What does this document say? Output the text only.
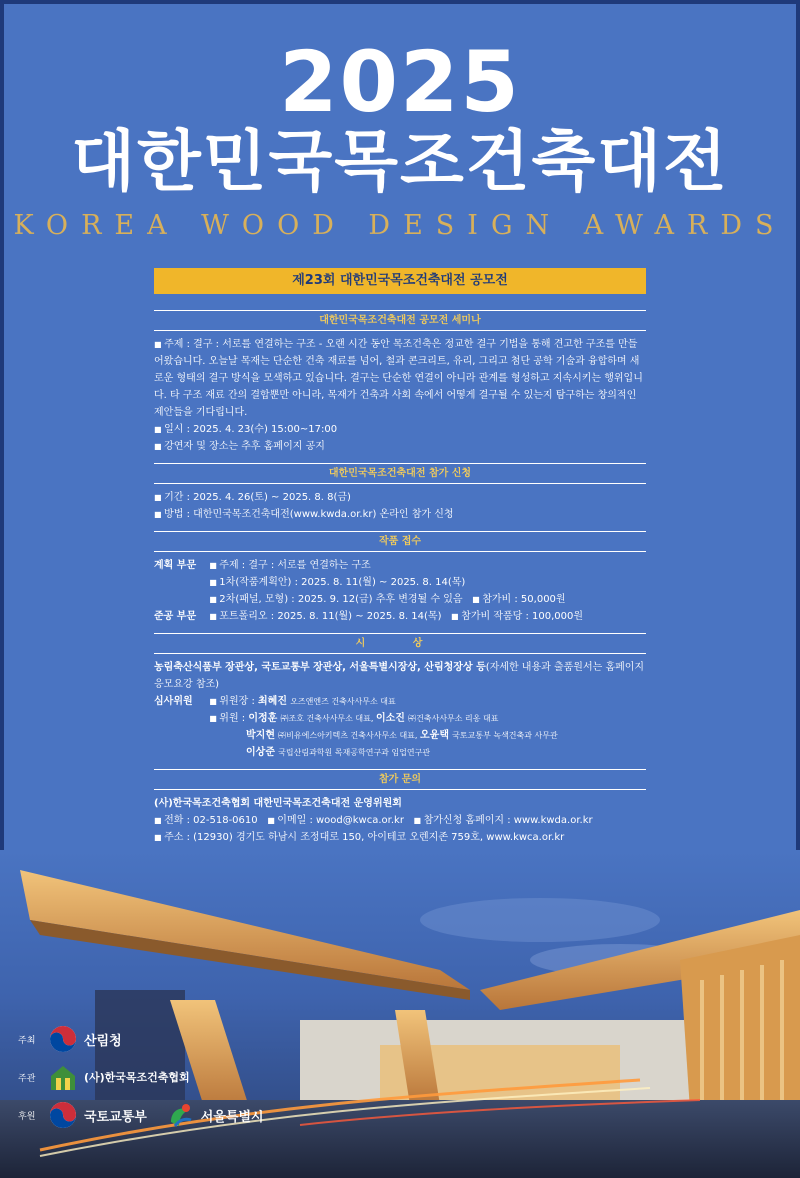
2025
대한민국목조건축대전
KOREA WOOD DESIGN AWARDS
제23회 대한민국목조건축대전 공모전
대한민국목조건축대전 공모전 세미나
■ 주제 : 결구 : 서로를 연결하는 구조 - 오랜 시간 동안 목조건축은 정교한 결구 기법을 통해 견고한 구조를 만들어왔습니다. 오늘날 목재는 단순한 건축 재료를 넘어, 철과 콘크리트, 유리, 그리고 첨단 공학 기술과 융합하며 새로운 형태의 결구 방식을 모색하고 있습니다. 결구는 단순한 연결이 아니라 관계를 형성하고 지속시키는 행위입니다. 타 구조 재료 간의 결합뿐만 아니라, 목재가 건축과 사회 속에서 어떻게 결구될 수 있는지 탐구하는 창의적인 제안들을 기다립니다.
■ 일시 : 2025. 4. 23(수) 15:00~17:00
■ 강연자 및 장소는 추후 홈페이지 공지
대한민국목조건축대전 참가 신청
■ 기간 : 2025. 4. 26(토) ~ 2025. 8. 8(금)
■ 방법 : 대한민국목조건축대전(www.kwda.or.kr) 온라인 참가 신청
작품 접수
계획 부문 ■ 주제 : 결구 : 서로를 연결하는 구조
■ 1차(작품계획안) : 2025. 8. 11(월) ~ 2025. 8. 14(목)
■ 2차(패널, 모형) : 2025. 9. 12(금) 추후 변경될 수 있음 ■ 참가비 : 50,000원
준공 부문 ■ 포트폴리오 : 2025. 8. 11(월) ~ 2025. 8. 14(목) ■ 참가비 작품당 : 100,000원
시 상
농림축산식품부 장관상, 국토교통부 장관상, 서울특별시장상, 산림청장상 등(자세한 내용과 출품원서는 홈페이지 응모요강 참조)
심사위원	■ 위원장 : 최혜진 오즈앤엔즈 건축사사무소 대표
■ 위원 : 이정훈 ㈜조호 건축사사무소 대표, 이소진 ㈜건축사사무소 리옹 대표
박지현 ㈜비유에스아키텍츠 건축사사무소 대표, 오윤택 국토교통부 녹색건축과 사무관
이상준 국립산림과학원 목재공학연구과 임업연구관
참가 문의
(사)한국목조건축협회 대한민국목조건축대전 운영위원회
■ 전화 : 02-518-0610 ■ 이메일 : wood@kwca.or.kr ■ 참가신청 홈페이지 : www.kwda.or.kr
■ 주소 : (12930) 경기도 하남시 조정대로 150, 아이테코 오렌지존 759호, www.kwca.or.kr
주최	산림청
주관	(사)한국목조건축협회
후원	국토교통부	서울특별시
